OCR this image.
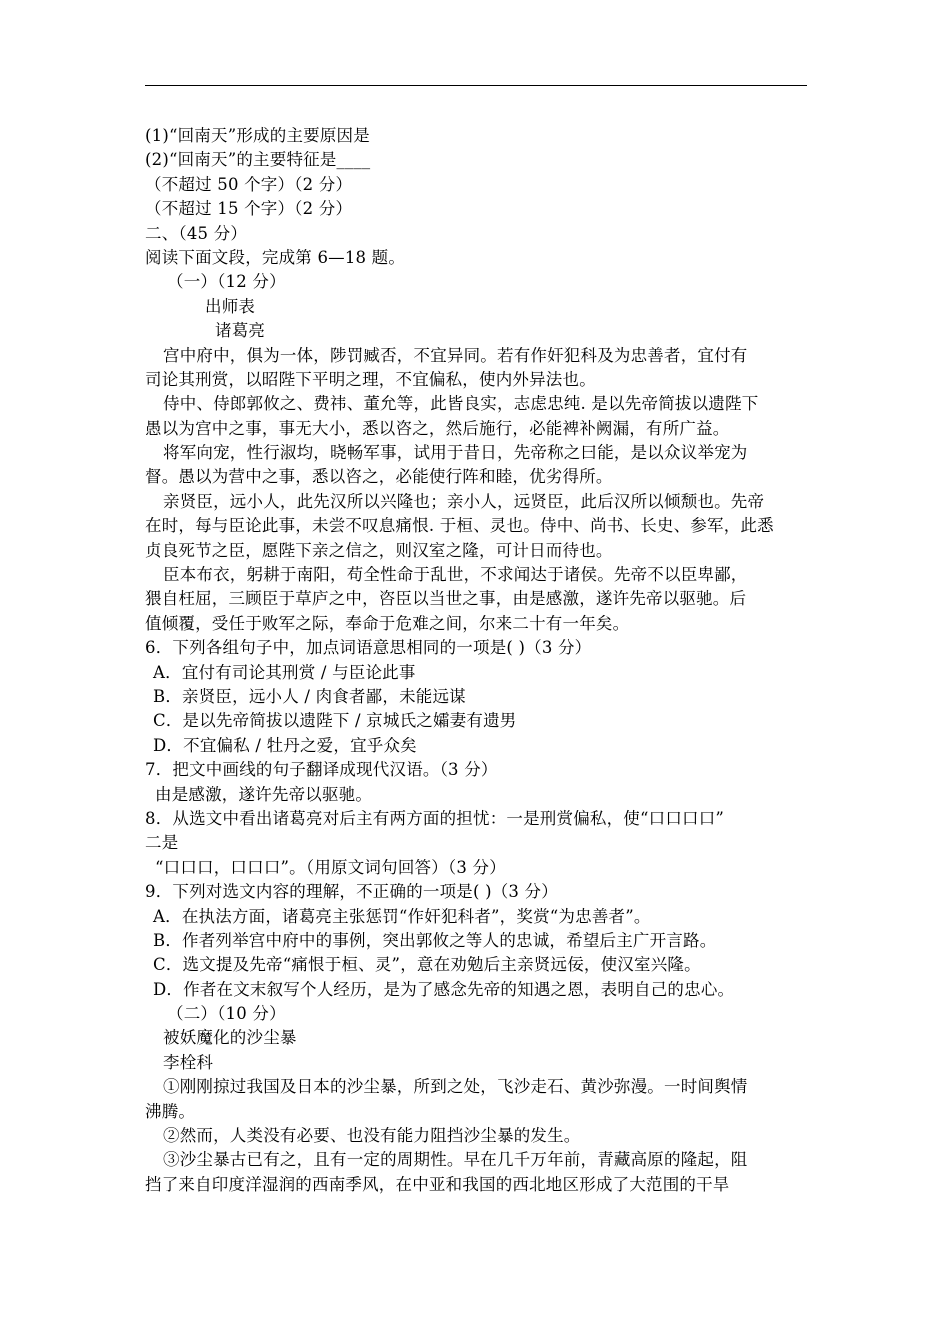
(1)“回南天”形成的主要原因是
(2)“回南天”的主要特征是____
（不超过 50 个字）（2 分）
（不超过 15 个字）（2 分）
二、（45 分）
阅读下面文段，完成第 6—18 题。
（一）（12 分）
出师表
诸葛亮
宫中府中，俱为一体，陟罚臧否，不宜异同。若有作奸犯科及为忠善者，宜付有
司论其刑赏，以昭陛下平明之理，不宜偏私，使内外异法也。
侍中、侍郎郭攸之、费祎、董允等，此皆良实，志虑忠纯. 是以先帝简拔以遗陛下
愚以为宫中之事，事无大小，悉以咨之，然后施行，必能裨补阙漏，有所广益。
将军向宠，性行淑均，晓畅军事，试用于昔日，先帝称之曰能，是以众议举宠为
督。愚以为营中之事，悉以咨之，必能使行阵和睦，优劣得所。
亲贤臣，远小人，此先汉所以兴隆也；亲小人，远贤臣，此后汉所以倾颓也。先帝
在时，每与臣论此事，未尝不叹息痛恨. 于桓、灵也。侍中、尚书、长史、参军，此悉
贞良死节之臣，愿陛下亲之信之，则汉室之隆，可计日而待也。
臣本布衣，躬耕于南阳，苟全性命于乱世，不求闻达于诸侯。先帝不以臣卑鄙，
猥自枉屈，三顾臣于草庐之中，咨臣以当世之事，由是感激，遂许先帝以驱驰。后
值倾覆，受任于败军之际，奉命于危难之间，尔来二十有一年矣。
6．下列各组句子中，加点词语意思相同的一项是( )（3 分）
A．宜付有司论其刑赏 / 与臣论此事
B．亲贤臣，远小人 / 肉食者鄙，未能远谋
C．是以先帝简拔以遗陛下 / 京城氏之孀妻有遗男
D．不宜偏私 / 牡丹之爱，宜乎众矣
7．把文中画线的句子翻译成现代汉语。（3 分）
由是感激，遂许先帝以驱驰。
8．从选文中看出诸葛亮对后主有两方面的担忧：一是刑赏偏私，使“口口口口”
二是
“口口口，口口口”。（用原文词句回答）（3 分）
9．下列对选文内容的理解，不正确的一项是( )（3 分）
A．在执法方面，诸葛亮主张惩罚“作奸犯科者”，奖赏“为忠善者”。
B．作者列举宫中府中的事例，突出郭攸之等人的忠诚，希望后主广开言路。
C．选文提及先帝“痛恨于桓、灵”，意在劝勉后主亲贤远佞，使汉室兴隆。
D．作者在文末叙写个人经历，是为了感念先帝的知遇之恩，表明自己的忠心。
（二）（10 分）
被妖魔化的沙尘暴
李栓科
①刚刚掠过我国及日本的沙尘暴，所到之处，飞沙走石、黄沙弥漫。一时间舆情
沸腾。
②然而，人类没有必要、也没有能力阻挡沙尘暴的发生。
③沙尘暴古已有之，且有一定的周期性。早在几千万年前，青藏高原的隆起，阻
挡了来自印度洋湿润的西南季风，在中亚和我国的西北地区形成了大范围的干旱
